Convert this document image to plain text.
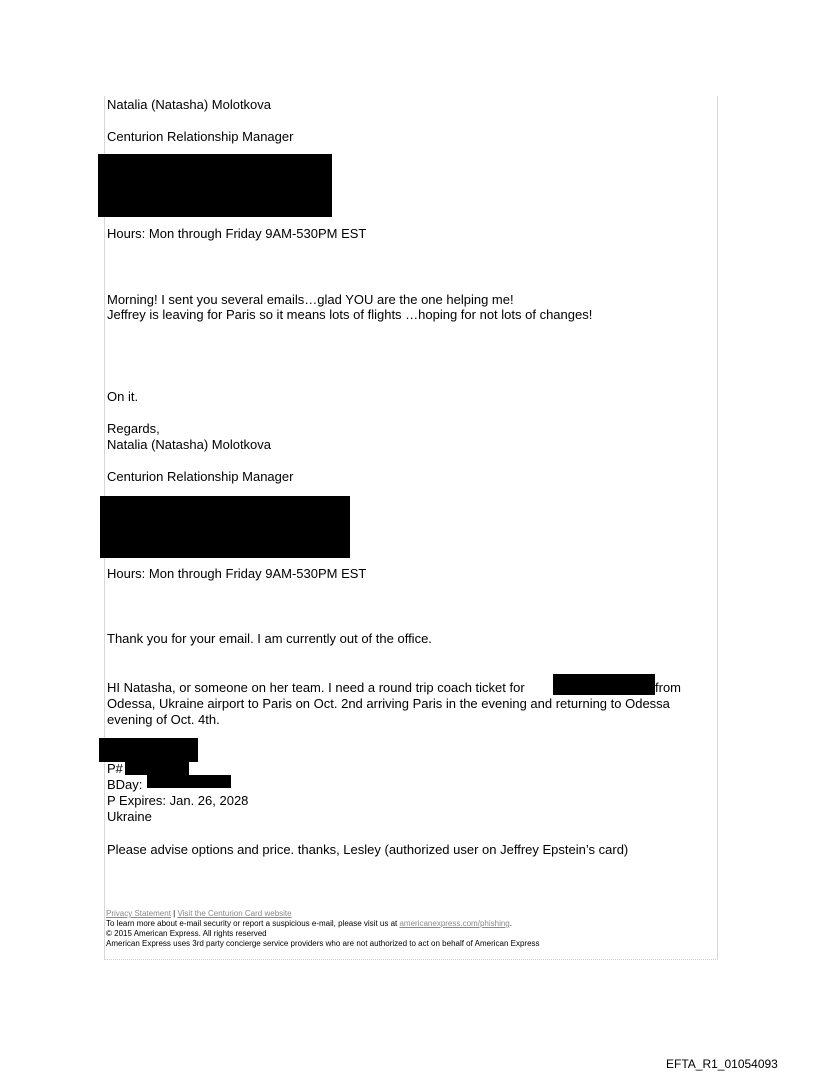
Natalia (Natasha) Molotkova
Centurion Relationship Manager
Hours: Mon through Friday 9AM-530PM EST
Morning! I sent you several emails…glad YOU are the one helping me!
Jeffrey is leaving for Paris so it means lots of flights …hoping for not lots of changes!
On it.
Regards,
Natalia (Natasha) Molotkova
Centurion Relationship Manager
Hours: Mon through Friday 9AM-530PM EST
Thank you for your email. I am currently out of the office.
HI Natasha, or someone on her team. I need a round trip coach ticket for	from
Odessa, Ukraine airport to Paris on Oct. 2nd arriving Paris in the evening and returning to Odessa
evening of Oct. 4th.
P#
BDay:
P Expires: Jan. 26, 2028
Ukraine
Please advise options and price. thanks, Lesley (authorized user on Jeffrey Epstein’s card)
Privacy Statement | Visit the Centurion Card website
To learn more about e-mail security or report a suspicious e-mail, please visit us at americanexpress.com/phishing.
© 2015 American Express. All rights reserved
American Express uses 3rd party concierge service providers who are not authorized to act on behalf of American Express
EFTA_R1_01054093
